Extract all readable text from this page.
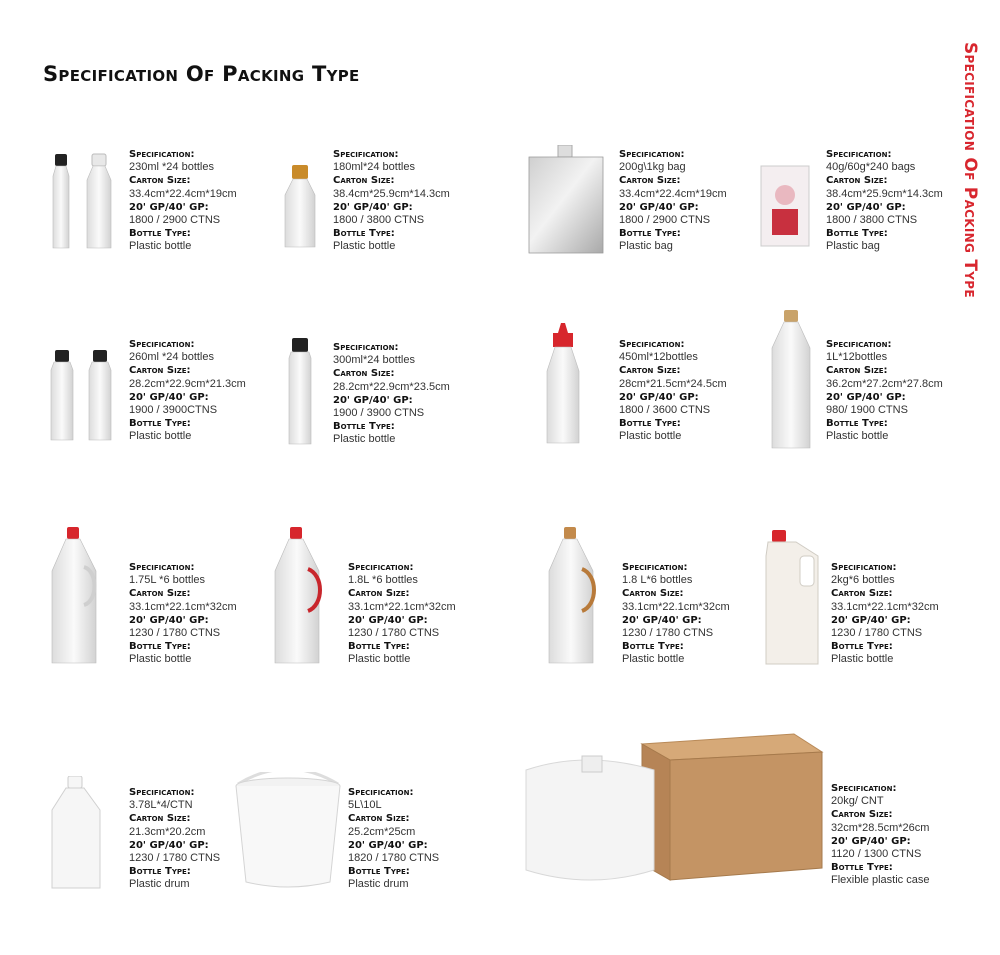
Specification Of Packing Type	Specification Of Packing Type
Specification:
230ml *24 bottles
Carton Size:
33.4cm*22.4cm*19cm
20' GP/40' GP:
1800 / 2900 CTNS
Bottle Type:
Plastic bottle
Specification:
180ml*24 bottles
Carton Size:
38.4cm*25.9cm*14.3cm
20' GP/40' GP:
1800 / 3800 CTNS
Bottle Type:
Plastic bottle
Specification:
200g\1kg bag
Carton Size:
33.4cm*22.4cm*19cm
20' GP/40' GP:
1800 / 2900 CTNS
Bottle Type:
Plastic bag
Specification:
40g/60g*240 bags
Carton Size:
38.4cm*25.9cm*14.3cm
20' GP/40' GP:
1800 / 3800 CTNS
Bottle Type:
Plastic bag
Specification:
260ml *24 bottles
Carton Size:
28.2cm*22.9cm*21.3cm
20' GP/40' GP:
1900 / 3900CTNS
Bottle Type:
Plastic bottle
Specification:
300ml*24 bottles
Carton Size:
28.2cm*22.9cm*23.5cm
20' GP/40' GP:
1900 / 3900 CTNS
Bottle Type:
Plastic bottle
Specification:
450ml*12bottles
Carton Size:
28cm*21.5cm*24.5cm
20' GP/40' GP:
1800 / 3600 CTNS
Bottle Type:
Plastic bottle
Specification:
1L*12bottles
Carton Size:
36.2cm*27.2cm*27.8cm
20' GP/40' GP:
980/ 1900 CTNS
Bottle Type:
Plastic bottle
Specification:
1.75L *6 bottles
Carton Size:
33.1cm*22.1cm*32cm
20' GP/40' GP:
1230 / 1780 CTNS
Bottle Type:
Plastic bottle
Specification:
1.8L *6 bottles
Carton Size:
33.1cm*22.1cm*32cm
20' GP/40' GP:
1230 / 1780 CTNS
Bottle Type:
Plastic bottle
Specification:
1.8 L*6 bottles
Carton Size:
33.1cm*22.1cm*32cm
20' GP/40' GP:
1230 / 1780 CTNS
Bottle Type:
Plastic bottle
Specification:
2kg*6 bottles
Carton Size:
33.1cm*22.1cm*32cm
20' GP/40' GP:
1230 / 1780 CTNS
Bottle Type:
Plastic bottle
Specification:
3.78L*4/CTN
Carton Size:
21.3cm*20.2cm
20' GP/40' GP:
1230 / 1780 CTNS
Bottle Type:
Plastic drum
Specification:
5L\10L
Carton Size:
25.2cm*25cm
20' GP/40' GP:
1820 / 1780 CTNS
Bottle Type:
Plastic drum
Specification:
20kg/ CNT
Carton Size:
32cm*28.5cm*26cm
20' GP/40' GP:
1120 / 1300 CTNS
Bottle Type:
Flexible plastic case
